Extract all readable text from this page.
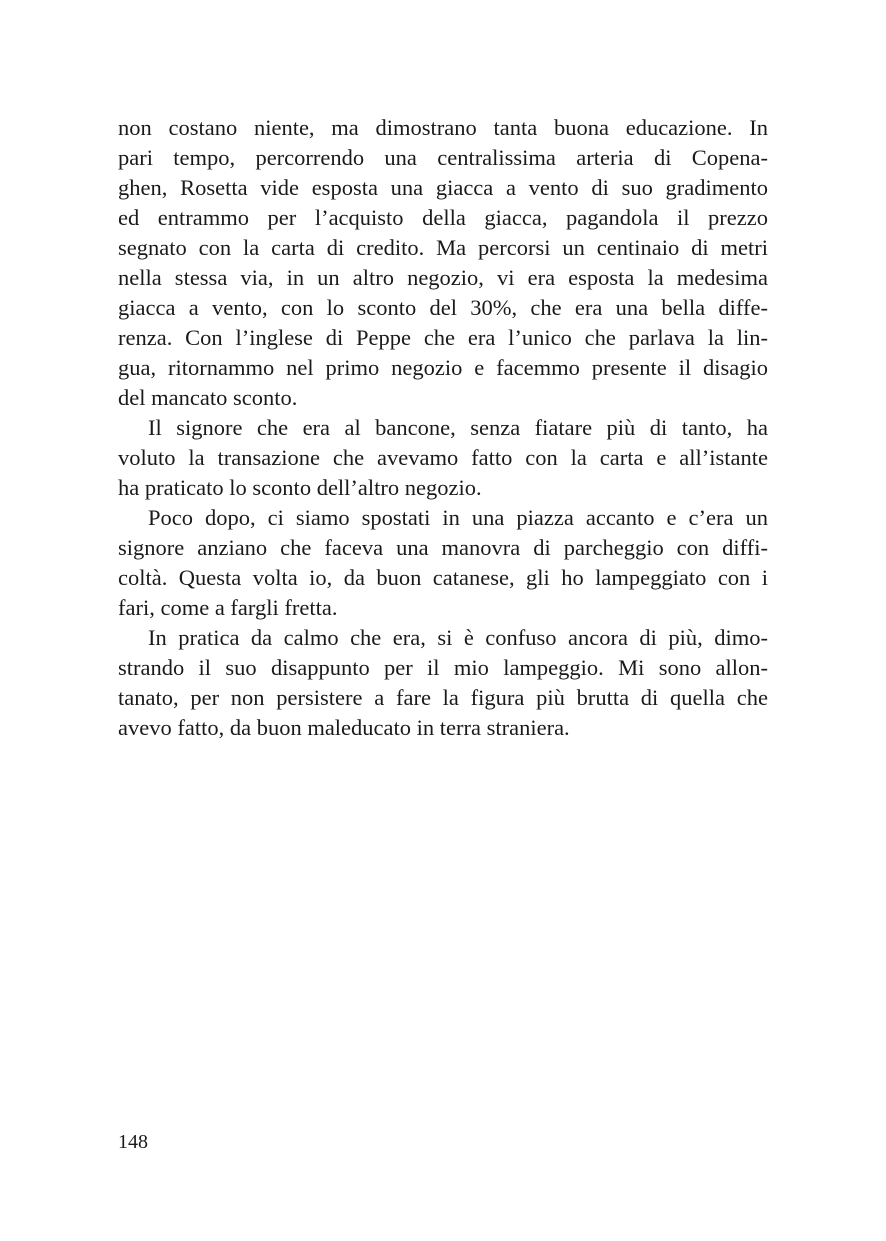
non costano niente, ma dimostrano tanta buona educazione. In
pari tempo, percorrendo una centralissima arteria di Copena-
ghen, Rosetta vide esposta una giacca a vento di suo gradimento
ed entrammo per l’acquisto della giacca, pagandola il prezzo
segnato con la carta di credito. Ma percorsi un centinaio di metri
nella stessa via, in un altro negozio, vi era esposta la medesima
giacca a vento, con lo sconto del 30%, che era una bella diffe-
renza. Con l’inglese di Peppe che era l’unico che parlava la lin-
gua, ritornammo nel primo negozio e facemmo presente il disagio
del mancato sconto.

Il signore che era al bancone, senza fiatare più di tanto, ha
voluto la transazione che avevamo fatto con la carta e all’istante
ha praticato lo sconto dell’altro negozio.

Poco dopo, ci siamo spostati in una piazza accanto e c’era un
signore anziano che faceva una manovra di parcheggio con diffi-
coltà. Questa volta io, da buon catanese, gli ho lampeggiato con i
fari, come a fargli fretta.

In pratica da calmo che era, si è confuso ancora di più, dimo-
strando il suo disappunto per il mio lampeggio. Mi sono allon-
tanato, per non persistere a fare la figura più brutta di quella che
avevo fatto, da buon maleducato in terra straniera.

148
